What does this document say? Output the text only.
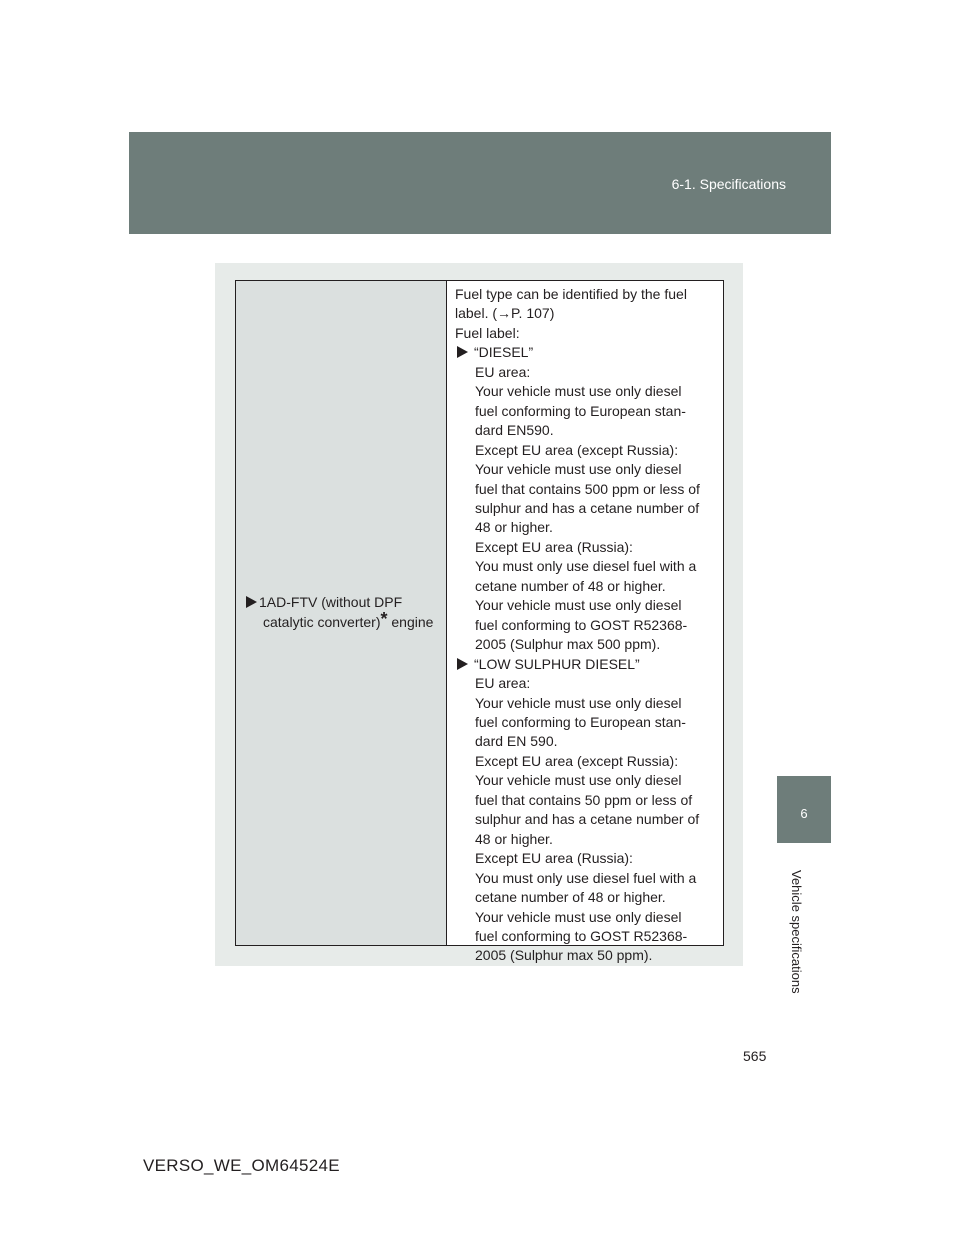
6-1. Specifications
6
Vehicle specifications
1AD-FTV (without DPF
catalytic converter)* engine
Fuel type can be identified by the fuel
label. (→P. 107)
Fuel label:
“DIESEL”
EU area:
Your vehicle must use only diesel
fuel conforming to European stan-
dard EN590.
Except EU area (except Russia):
Your vehicle must use only diesel
fuel that contains 500 ppm or less of
sulphur and has a cetane number of
48 or higher.
Except EU area (Russia):
You must only use diesel fuel with a
cetane number of 48 or higher.
Your vehicle must use only diesel
fuel conforming to GOST R52368-
2005 (Sulphur max 500 ppm).
“LOW SULPHUR DIESEL”
EU area:
Your vehicle must use only diesel
fuel conforming to European stan-
dard EN 590.
Except EU area (except Russia):
Your vehicle must use only diesel
fuel that contains 50 ppm or less of
sulphur and has a cetane number of
48 or higher.
Except EU area (Russia):
You must only use diesel fuel with a
cetane number of 48 or higher.
Your vehicle must use only diesel
fuel conforming to GOST R52368-
2005 (Sulphur max 50 ppm).
565
VERSO_WE_OM64524E
